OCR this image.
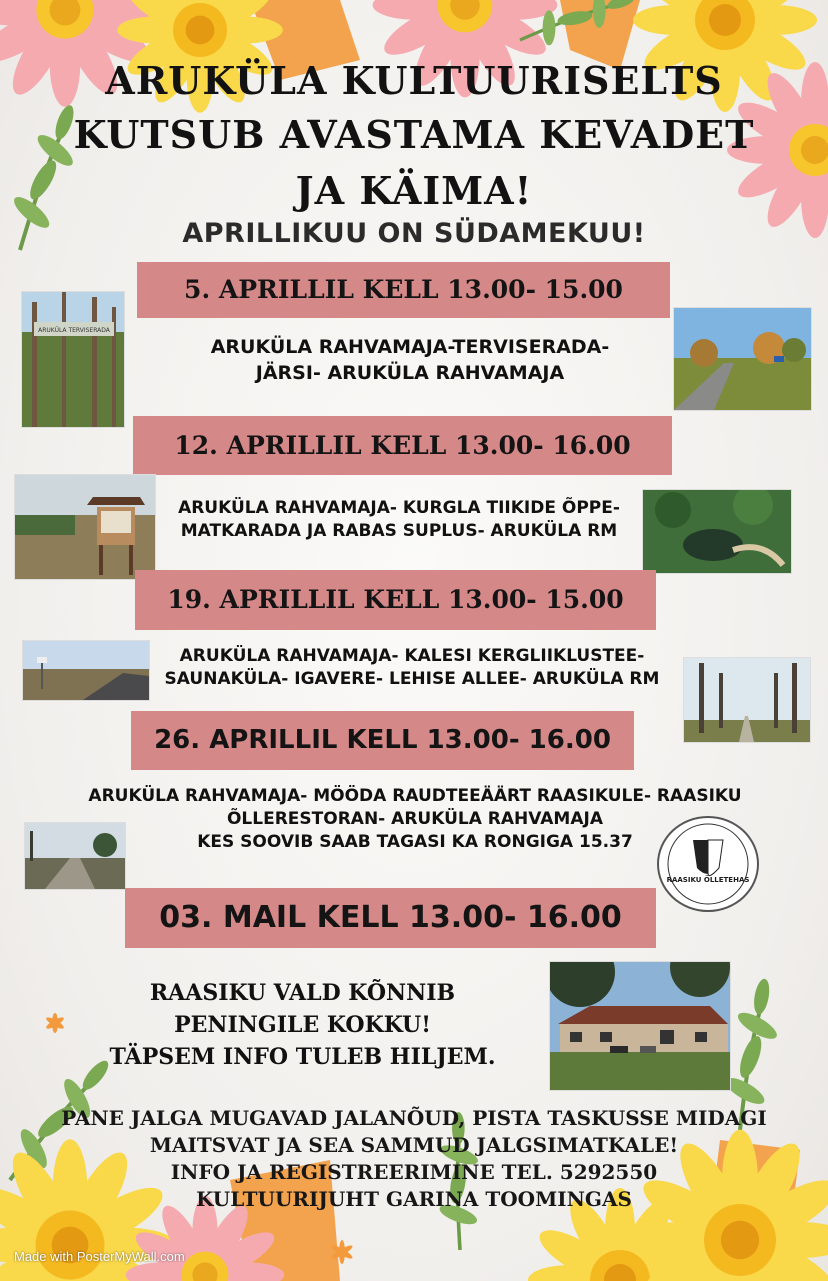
ARUKÜLA KULTUURISELTS
KUTSUB AVASTAMA KEVADET
JA KÄIMA!
APRILLIKUU ON SÜDAMEKUU!
5. APRILLIL KELL 13.00- 15.00
ARUKÜLA TERVISERADA
ARUKÜLA RAHVAMAJA-TERVISERADA-
JÄRSI- ARUKÜLA RAHVAMAJA
12. APRILLIL KELL 13.00- 16.00
ARUKÜLA RAHVAMAJA- KURGLA TIIKIDE ÕPPE-
MATKARADA JA RABAS SUPLUS- ARUKÜLA RM
19. APRILLIL KELL 13.00- 15.00
ARUKÜLA RAHVAMAJA- KALESI KERGLIIKLUSTEE-
SAUNAKÜLA- IGAVERE- LEHISE ALLEE- ARUKÜLA RM
26. APRILLIL KELL 13.00- 16.00
ARUKÜLA RAHVAMAJA- MÖÖDA RAUDTEEÄÄRT RAASIKULE- RAASIKU
ÕLLERESTORAN- ARUKÜLA RAHVAMAJA
KES SOOVIB SAAB TAGASI KA RONGIGA 15.37
RAASIKU ÕLLETEHAS
03. MAIL KELL 13.00- 16.00
RAASIKU VALD KÕNNIB
PENINGILE KOKKU!
TÄPSEM INFO TULEB HILJEM.
PANE JALGA MUGAVAD JALANÕUD, PISTA TASKUSSE MIDAGI
MAITSVAT JA SEA SAMMUD JALGSIMATKALE!
INFO JA REGISTREERIMINE TEL. 5292550
KULTUURIJUHT GARINA TOOMINGAS
Made with PosterMyWall.com
